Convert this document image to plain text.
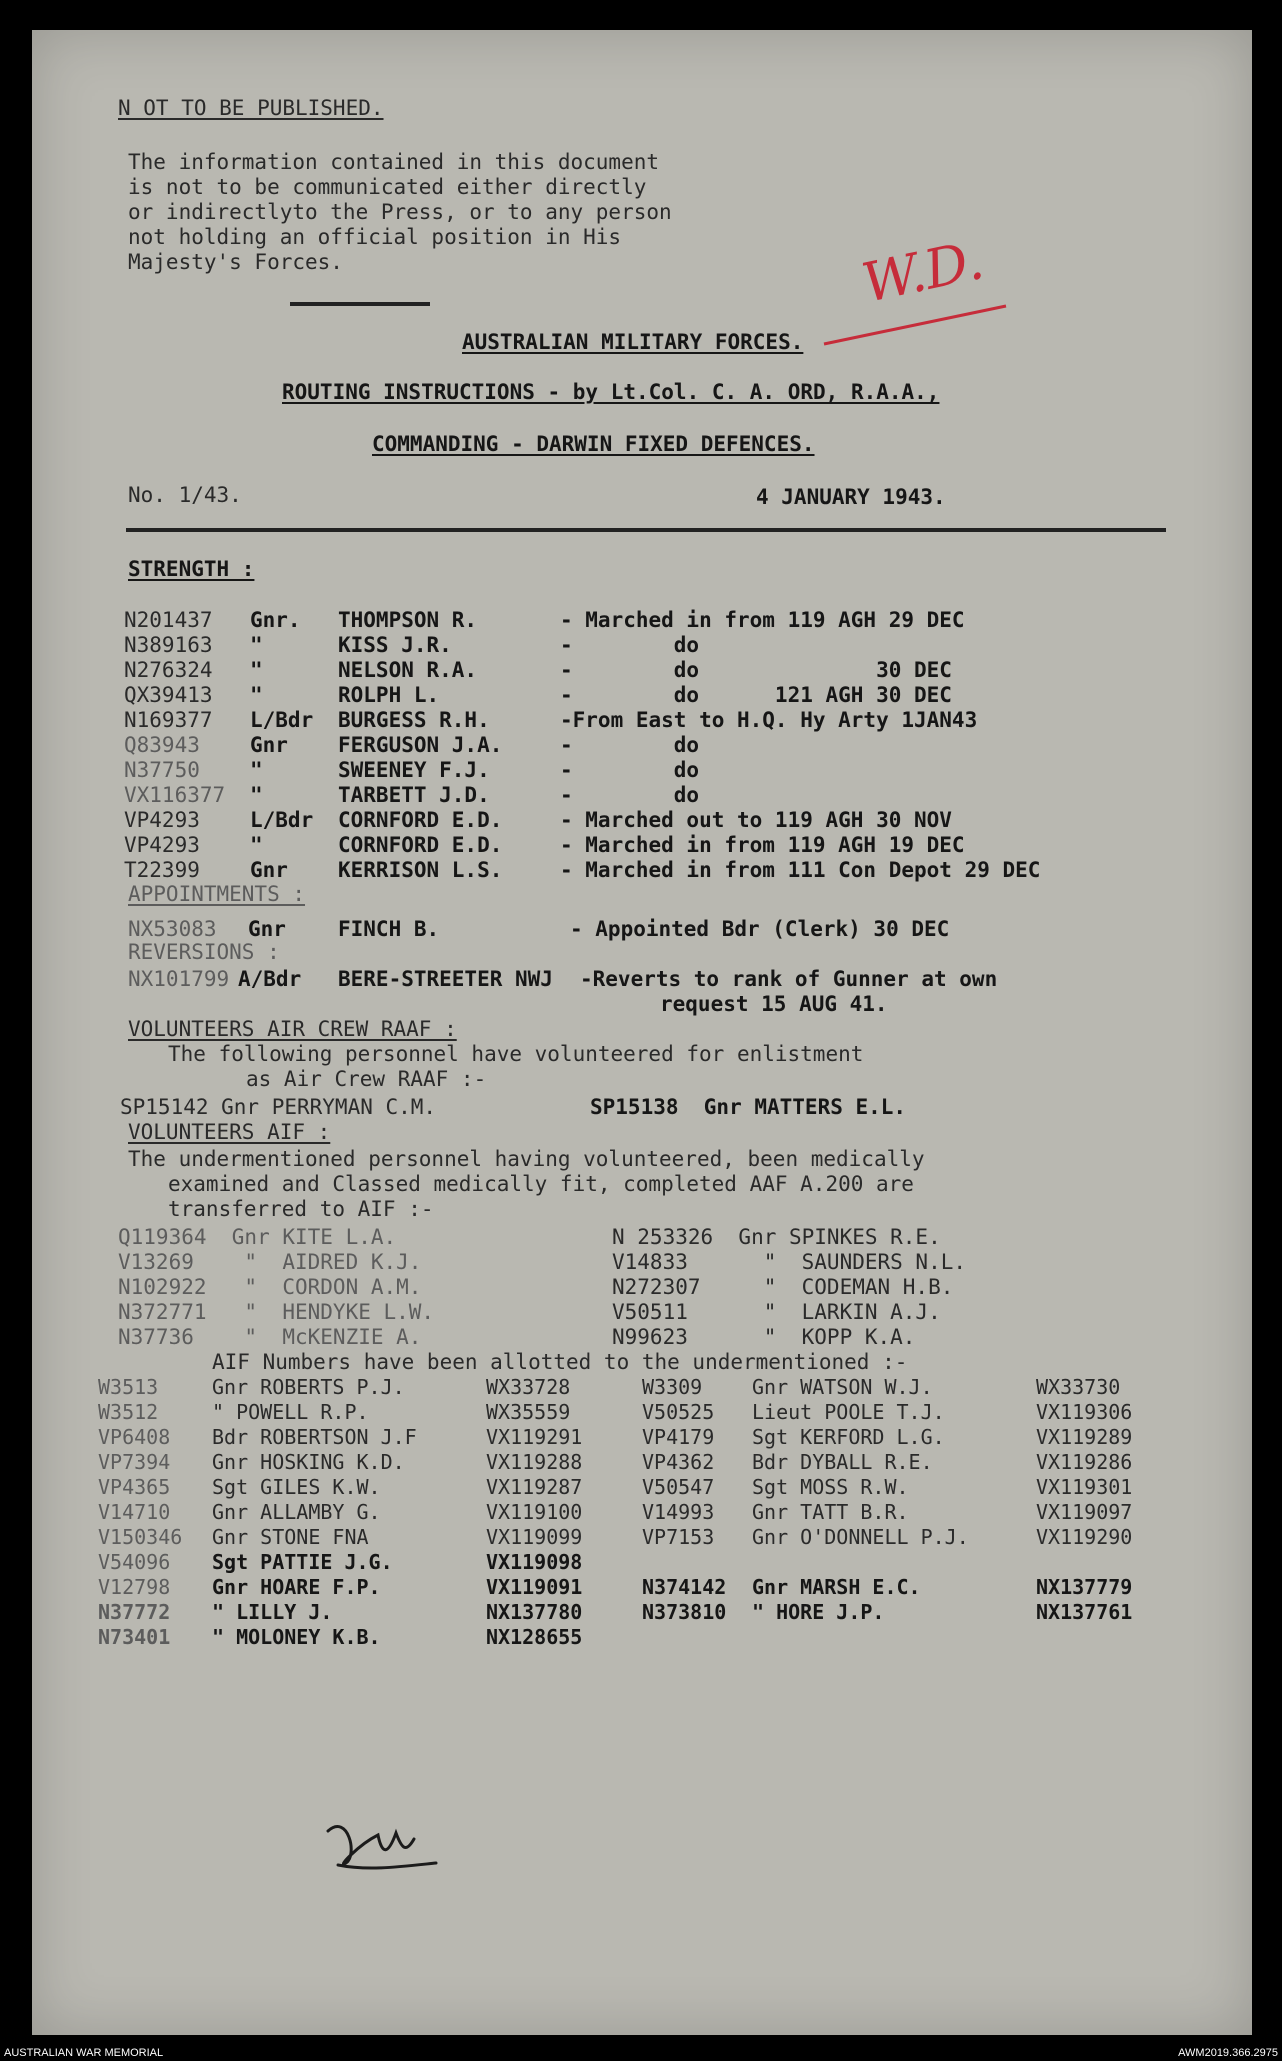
N OT TO BE PUBLISHED.
The information contained in this document
is not to be communicated either directly
or indirectlyto the Press, or to any person
not holding an official position in His
Majesty's Forces.	W.D.
AUSTRALIAN MILITARY FORCES.
ROUTING INSTRUCTIONS - by Lt.Col. C. A. ORD, R.A.A.,
COMMANDING - DARWIN FIXED DEFENCES.
No. 1/43.	4 JANUARY 1943.
STRENGTH :
N201437 Gnr. THOMPSON R.	- Marched in from 119 AGH 29 DEC
N389163 "	KISS J.R.	-        do
N276324 "	NELSON R.A.	-        do              30 DEC
QX39413 "	ROLPH L.	-        do      121 AGH 30 DEC
N169377 L/Bdr BURGESS R.H.	-From East to H.Q. Hy Arty 1JAN43
Q83943 Gnr FERGUSON J.A.	-        do
N37750 "	SWEENEY F.J.	-        do
VX116377 "	TARBETT J.D.	-        do
VP4293 L/Bdr CORNFORD E.D.	- Marched out to 119 AGH 30 NOV
VP4293 "	CORNFORD E.D.	- Marched in from 119 AGH 19 DEC
T22399 Gnr KERRISON L.S.	- Marched in from 111 Con Depot 29 DEC
APPOINTMENTS :
NX53083 Gnr FINCH B.	- Appointed Bdr (Clerk) 30 DEC
REVERSIONS :
NX101799 A/Bdr BERE-STREETER NWJ -Reverts to rank of Gunner at own
request 15 AUG 41.
VOLUNTEERS AIR CREW RAAF :
The following personnel have volunteered for enlistment
as Air Crew RAAF :-
SP15142 Gnr PERRYMAN C.M.	SP15138  Gnr MATTERS E.L.
VOLUNTEERS AIF :
The undermentioned personnel having volunteered, been medically
examined and Classed medically fit, completed AAF A.200 are
transferred to AIF :-
Q119364  Gnr KITE L.A.	N 253326  Gnr SPINKES R.E.
V13269    "  AIDRED K.J.	V14833      "  SAUNDERS N.L.
N102922   "  CORDON A.M.	N272307     "  CODEMAN H.B.
N372771   "  HENDYKE L.W.	V50511      "  LARKIN A.J.
N37736    "  McKENZIE A.	N99623      "  KOPP K.A.
AIF Numbers have been allotted to the undermentioned :-
W3513	Gnr ROBERTS P.J.	WX33728	W3309 Gnr WATSON W.J.	WX33730
W3512	" POWELL R.P.	WX35559	V50525 Lieut POOLE T.J.	VX119306
VP6408 Bdr ROBERTSON J.F	VX119291	VP4179 Sgt KERFORD L.G.	VX119289
VP7394 Gnr HOSKING K.D.	VX119288	VP4362 Bdr DYBALL R.E.	VX119286
VP4365 Sgt GILES K.W.	VX119287	V50547 Sgt MOSS R.W.	VX119301
V14710 Gnr ALLAMBY G.	VX119100	V14993 Gnr TATT B.R.	VX119097
V150346 Gnr STONE FNA	VX119099	VP7153 Gnr O'DONNELL P.J.	VX119290
V54096 Sgt PATTIE J.G.	VX119098
V12798 Gnr HOARE F.P.	VX119091	N374142 Gnr MARSH E.C.	NX137779
N37772 " LILLY J.	NX137780	N373810 " HORE J.P.	NX137761
N73401 " MOLONEY K.B.	NX128655
AUSTRALIAN WAR MEMORIAL	AWM2019.366.2975
